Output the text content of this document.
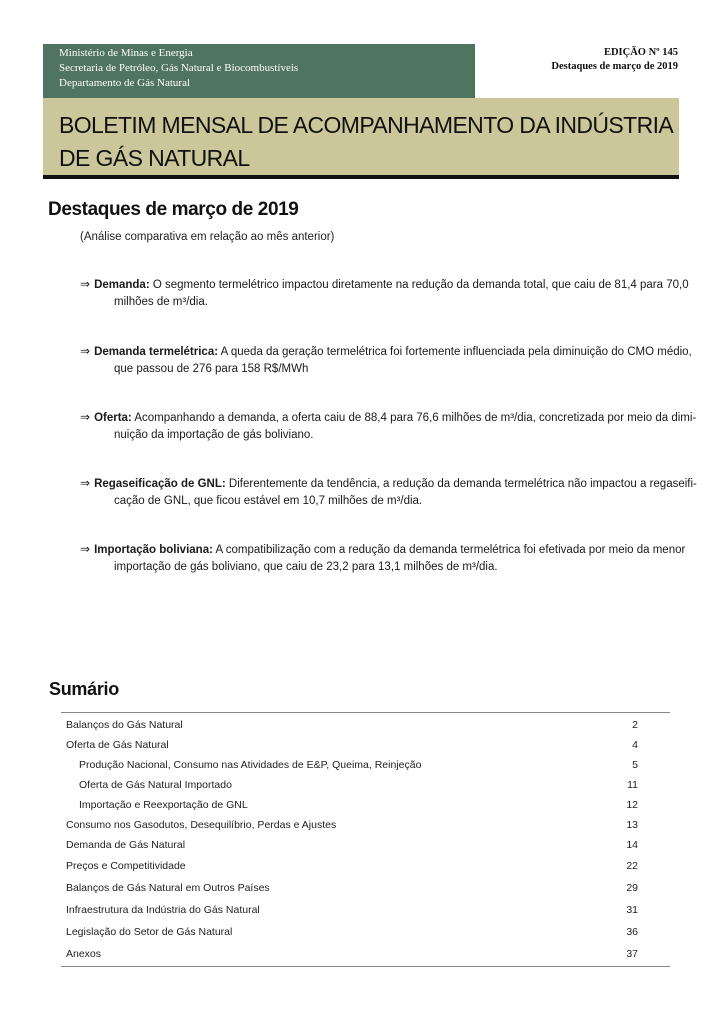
Ministério de Minas e Energia
Secretaria de Petróleo, Gás Natural e Biocombustíveis
Departamento de Gás Natural
EDIÇÃO Nº 145
Destaques de março de 2019
BOLETIM MENSAL DE ACOMPANHAMENTO DA INDÚSTRIA
DE GÁS NATURAL
Destaques de março de 2019
(Análise comparativa em relação ao mês anterior)
⇒ Demanda: O segmento termelétrico impactou diretamente na redução da demanda total, que caiu de 81,4 para 70,0
milhões de m³/dia.
⇒ Demanda termelétrica: A queda da geração termelétrica foi fortemente influenciada pela diminuição do CMO médio,
que passou de 276 para 158 R$/MWh
⇒ Oferta: Acompanhando a demanda, a oferta caiu de 88,4 para 76,6 milhões de m³/dia, concretizada por meio da dimi-
nuição da importação de gás boliviano.
⇒ Regaseificação de GNL: Diferentemente da tendência, a redução da demanda termelétrica não impactou a regaseifi-
cação de GNL, que ficou estável em 10,7 milhões de m³/dia.
⇒ Importação boliviana: A compatibilização com a redução da demanda termelétrica foi efetivada por meio da menor
importação de gás boliviano, que caiu de 23,2 para 13,1 milhões de m³/dia.
Sumário
Balanços do Gás Natural	2
Oferta de Gás Natural	4
Produção Nacional, Consumo nas Atividades de E&P, Queima, Reinjeção	5
Oferta de Gás Natural Importado	11
Importação e Reexportação de GNL	12
Consumo nos Gasodutos, Desequilíbrio, Perdas e Ajustes	13
Demanda de Gás Natural	14
Preços e Competitividade	22
Balanços de Gás Natural em Outros Países	29
Infraestrutura da Indústria do Gás Natural	31
Legislação do Setor de Gás Natural	36
Anexos	37
